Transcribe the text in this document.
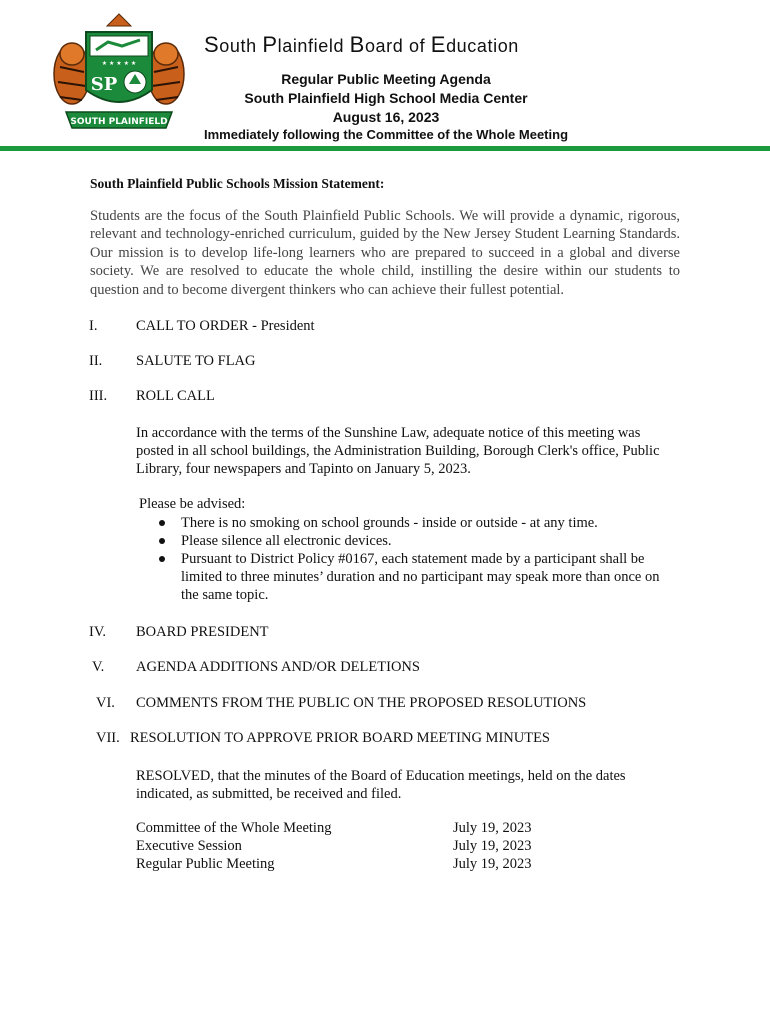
★ ★ ★ ★ ★
SP
SOUTH PLAINFIELD
South Plainfield Board of Education
Regular Public Meeting Agenda
South Plainfield High School Media Center
August 16, 2023
Immediately following the Committee of the Whole Meeting
South Plainfield Public Schools Mission Statement:

Students are the focus of the South Plainfield Public Schools. We will provide a dynamic, rigorous, relevant and technology-enriched curriculum, guided by the New Jersey Student Learning Standards. Our mission is to develop life-long learners who are prepared to succeed in a global and diverse society. We are resolved to educate the whole child, instilling the desire within our students to question and to become divergent thinkers who can achieve their fullest potential.

I.	CALL TO ORDER - President
II. SALUTE TO FLAG
III. ROLL CALL

In accordance with the terms of the Sunshine Law, adequate notice of this meeting was posted in all school buildings, the Administration Building, Borough Clerk's office, Public Library, four newspapers and Tapinto on January 5, 2023.

Please be advised:
There is no smoking on school grounds - inside or outside - at any time.
Please silence all electronic devices.
Pursuant to District Policy #0167, each statement made by a participant shall be limited to three minutes’ duration and no participant may speak more than once on the same topic.
IV. BOARD PRESIDENT
V. AGENDA ADDITIONS AND/OR DELETIONS
VI. COMMENTS FROM THE PUBLIC ON THE PROPOSED RESOLUTIONS
VII. RESOLUTION TO APPROVE PRIOR BOARD MEETING MINUTES

RESOLVED, that the minutes of the Board of Education meetings, held on the dates indicated, as submitted, be received and filed.

Committee of the Whole Meeting	July 19, 2023
Executive Session	July 19, 2023
Regular Public Meeting	July 19, 2023
